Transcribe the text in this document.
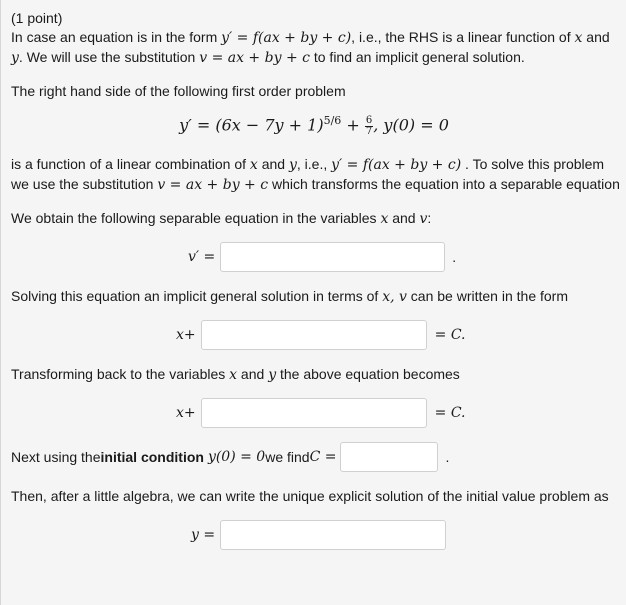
(1 point)
In case an equation is in the form y′ = f(ax + by + c), i.e., the RHS is a linear function of x and
y. We will use the substitution v = ax + by + c to find an implicit general solution.
The right hand side of the following first order problem
$y' = (6x - 7y + 1)^{5/6} + \frac{6}{7}$ , y(0) = 0
is a function of a linear combination of x and y, i.e., y′ = f(ax + by + c) . To solve this problem
we use the substitution v = ax + by + c which transforms the equation into a separable equation
We obtain the following separable equation in the variables x and v:
v′ =	.
Solving this equation an implicit general solution in terms of x, v can be written in the form
x+	= C.
Transforming back to the variables x and y the above equation becomes
x+	= C.
Next using the initial condition y(0) = 0 we find C =	.
Then, after a little algebra, we can write the unique explicit solution of the initial value problem as
y =
